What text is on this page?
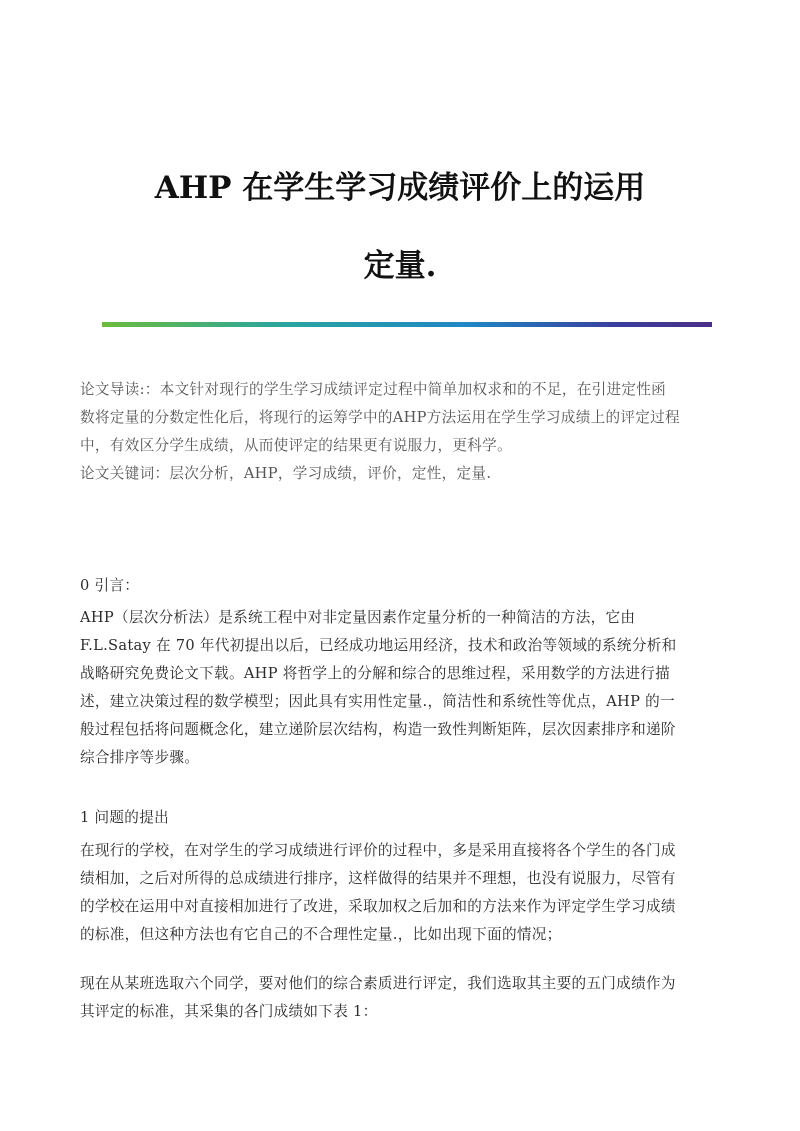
AHP 在学生学习成绩评价上的运用
定量.
论文导读:：本文针对现行的学生学习成绩评定过程中简单加权求和的不足，在引进定性函
数将定量的分数定性化后，将现行的运筹学中的AHP方法运用在学生学习成绩上的评定过程
中，有效区分学生成绩，从而使评定的结果更有说服力，更科学。
论文关键词：层次分析，AHP，学习成绩，评价，定性，定量.
0 引言：
AHP（层次分析法）是系统工程中对非定量因素作定量分析的一种简洁的方法，它由
F.L.Satay 在 70 年代初提出以后，已经成功地运用经济，技术和政治等领域的系统分析和
战略研究免费论文下载。AHP 将哲学上的分解和综合的思维过程，采用数学的方法进行描
述，建立决策过程的数学模型；因此具有实用性定量.，简洁性和系统性等优点，AHP 的一
般过程包括将问题概念化，建立递阶层次结构，构造一致性判断矩阵，层次因素排序和递阶
综合排序等步骤。
1 问题的提出
在现行的学校，在对学生的学习成绩进行评价的过程中，多是采用直接将各个学生的各门成
绩相加，之后对所得的总成绩进行排序，这样做得的结果并不理想，也没有说服力，尽管有
的学校在运用中对直接相加进行了改进，采取加权之后加和的方法来作为评定学生学习成绩
的标准，但这种方法也有它自己的不合理性定量.，比如出现下面的情况；
现在从某班选取六个同学，要对他们的综合素质进行评定，我们选取其主要的五门成绩作为
其评定的标准，其采集的各门成绩如下表 1：
